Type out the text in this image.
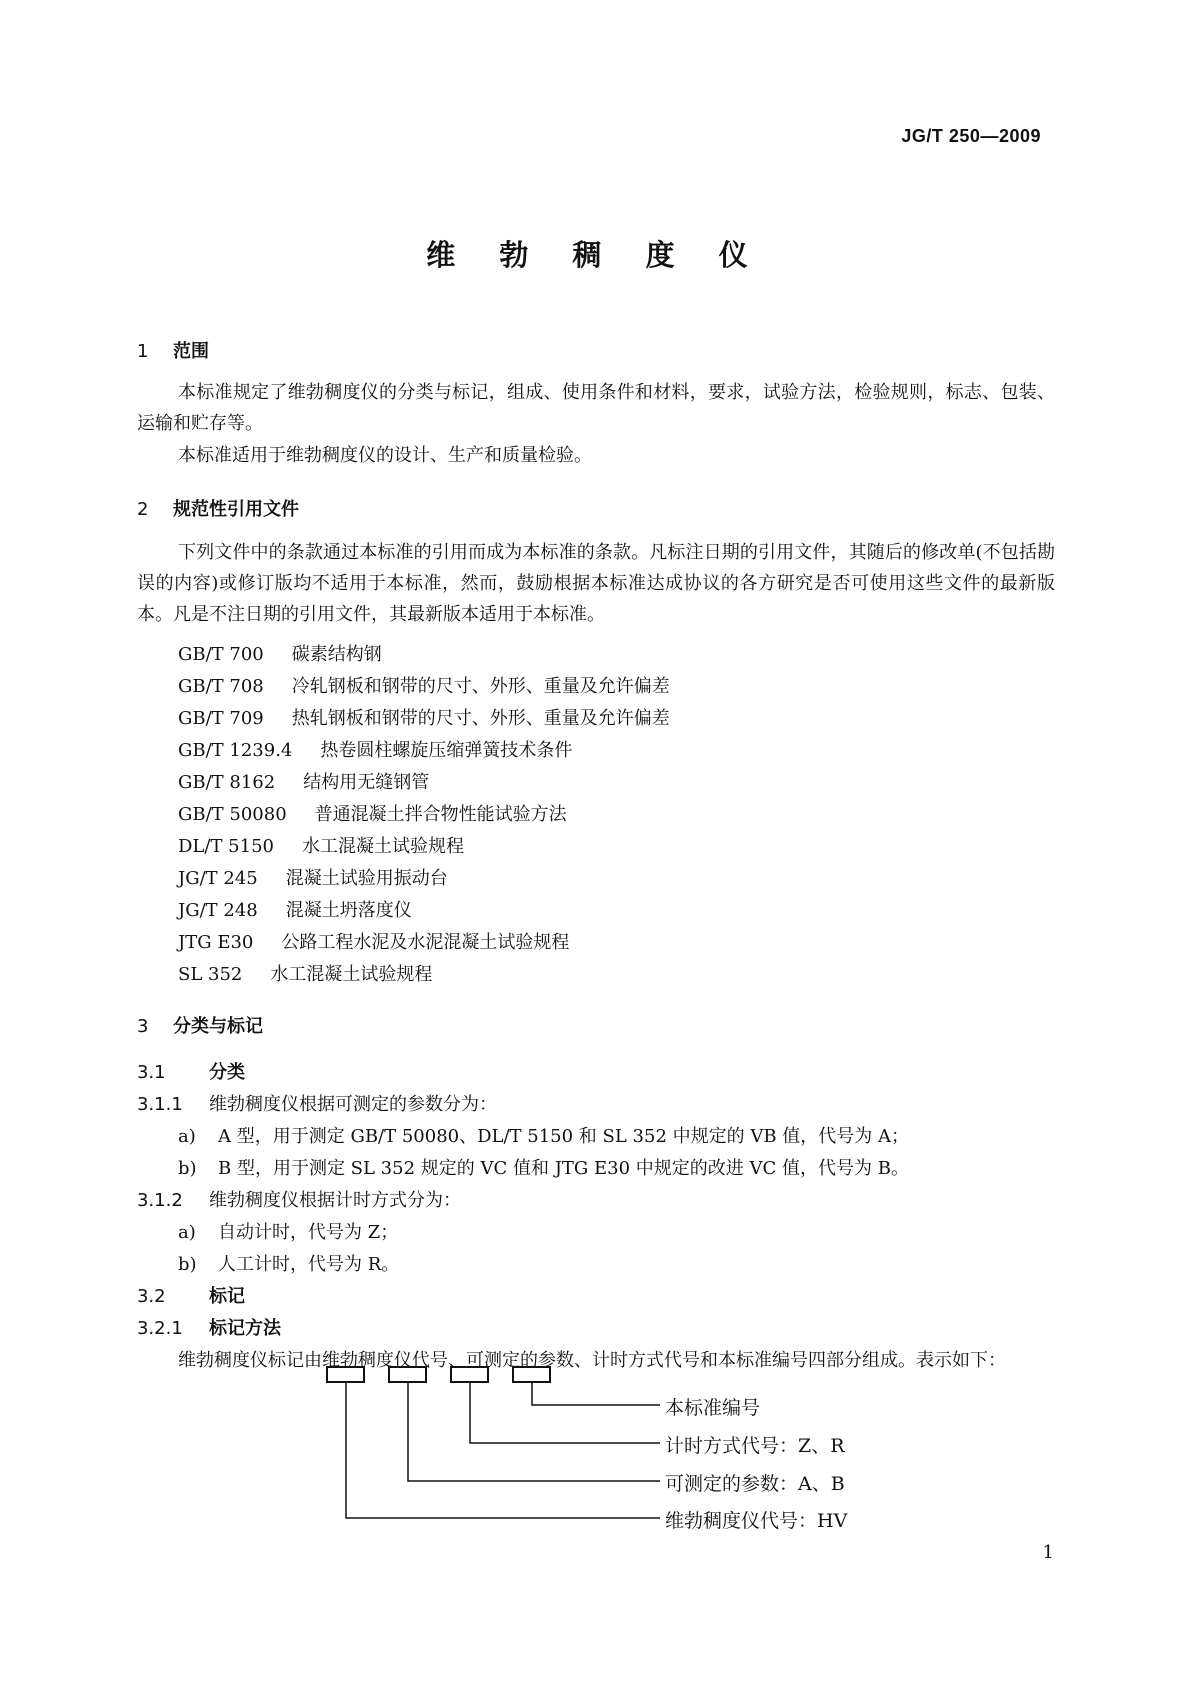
JG/T 250—2009
维 勃 稠 度 仪
1 范围
本标准规定了维勃稠度仪的分类与标记，组成、使用条件和材料，要求，试验方法，检验规则，标志、包装、运输和贮存等。
本标准适用于维勃稠度仪的设计、生产和质量检验。
2 规范性引用文件
下列文件中的条款通过本标准的引用而成为本标准的条款。凡标注日期的引用文件，其随后的修改单(不包括勘误的内容)或修订版均不适用于本标准，然而，鼓励根据本标准达成协议的各方研究是否可使用这些文件的最新版本。凡是不注日期的引用文件，其最新版本适用于本标准。
GB/T 700 碳素结构钢
GB/T 708 冷轧钢板和钢带的尺寸、外形、重量及允许偏差
GB/T 709 热轧钢板和钢带的尺寸、外形、重量及允许偏差
GB/T 1239.4 热卷圆柱螺旋压缩弹簧技术条件
GB/T 8162 结构用无缝钢管
GB/T 50080 普通混凝土拌合物性能试验方法
DL/T 5150 水工混凝土试验规程
JG/T 245 混凝土试验用振动台
JG/T 248 混凝土坍落度仪
JTG E30 公路工程水泥及水泥混凝土试验规程
SL 352 水工混凝土试验规程
3 分类与标记
3.1 分类
3.1.1 维勃稠度仪根据可测定的参数分为：
a) A 型，用于测定 GB/T 50080、DL/T 5150 和 SL 352 中规定的 VB 值，代号为 A；
b) B 型，用于测定 SL 352 规定的 VC 值和 JTG E30 中规定的改进 VC 值，代号为 B。
3.1.2 维勃稠度仪根据计时方式分为：
a) 自动计时，代号为 Z；
b) 人工计时，代号为 R。
3.2 标记
3.2.1 标记方法
维勃稠度仪标记由维勃稠度仪代号、可测定的参数、计时方式代号和本标准编号四部分组成。表示如下：
本标准编号
计时方式代号：Z、R
可测定的参数：A、B
维勃稠度仪代号：HV
1
